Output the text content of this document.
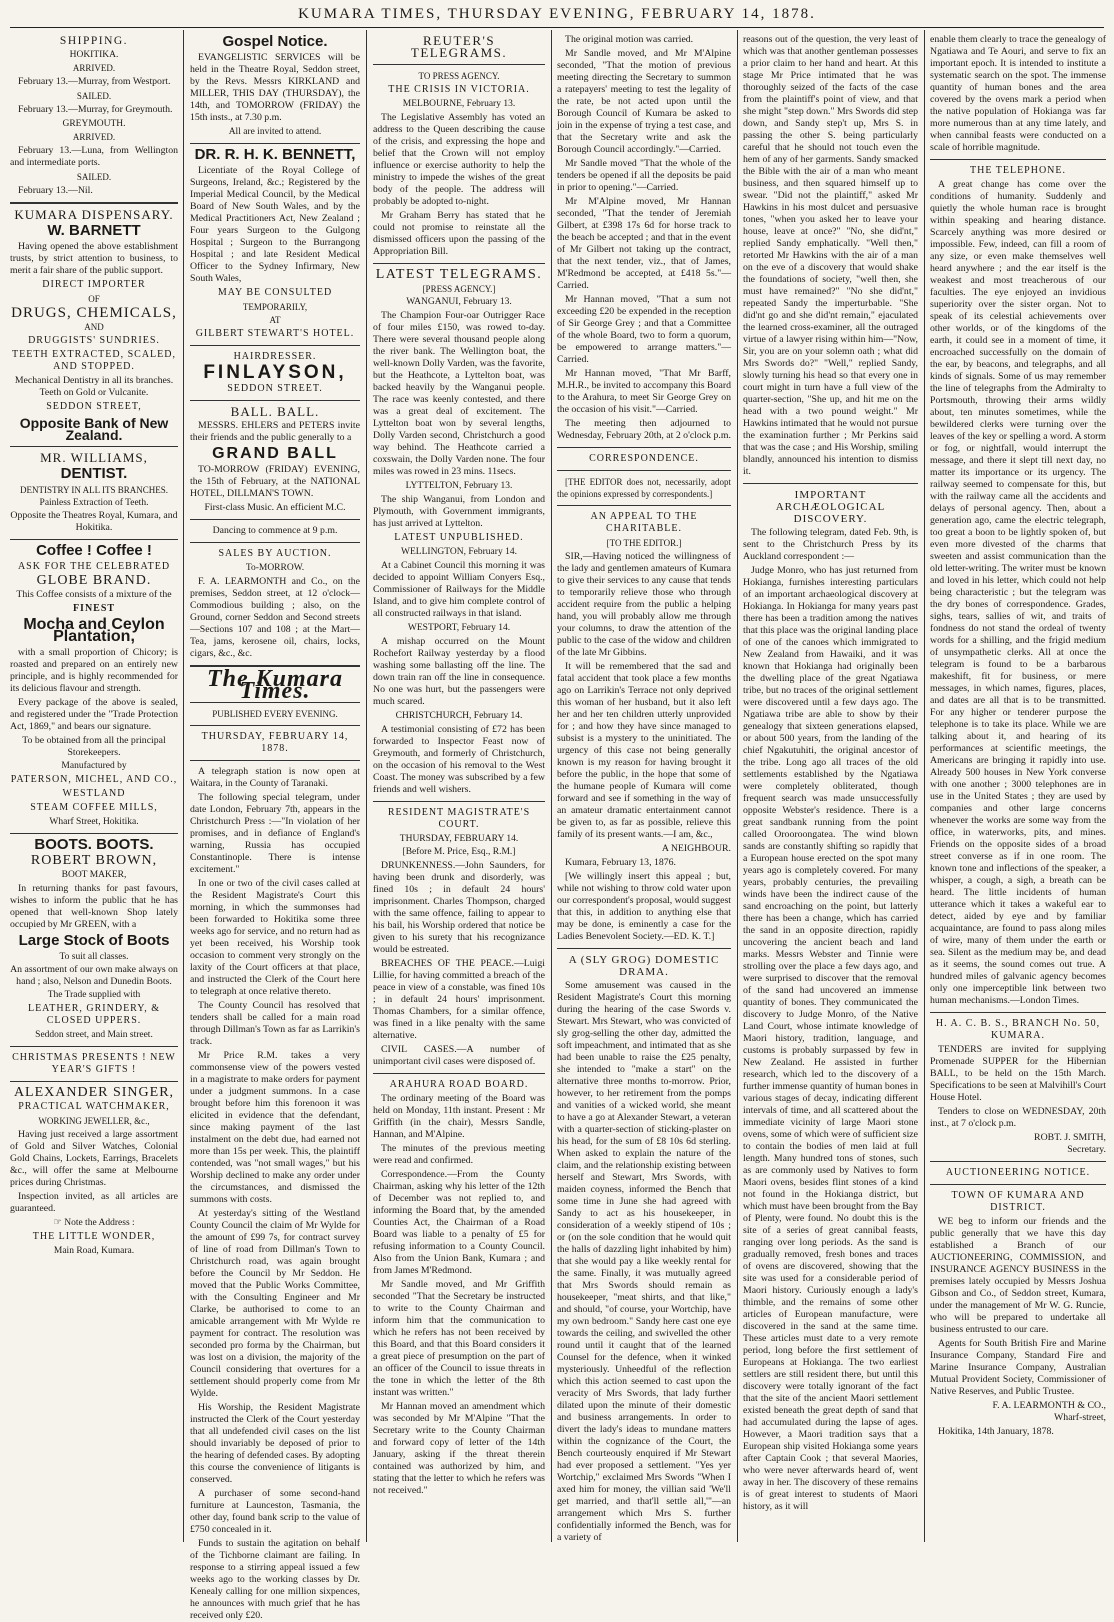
KUMARA TIMES, THURSDAY EVENING, FEBRUARY 14, 1878.
SHIPPING.
HOKITIKA.
ARRIVED.
February 13.—Murray, from Westport.
SAILED.
February 13.—Murray, for Greymouth.
GREYMOUTH.
ARRIVED.
February 13.—Luna, from Wellington and intermediate ports.
SAILED.
February 13.—Nil.
KUMARA DISPENSARY.
W. BARNETT
Having opened the above establishment trusts, by strict attention to business, to merit a fair share of the public support.
DIRECT IMPORTER
OF
DRUGS, CHEMICALS,
AND
DRUGGISTS' SUNDRIES.
TEETH EXTRACTED, SCALED, AND STOPPED.
Mechanical Dentistry in all its branches. Teeth on Gold or Vulcanite.
SEDDON STREET,
Opposite Bank of New Zealand.
MR. WILLIAMS,
DENTIST.
DENTISTRY IN ALL ITS BRANCHES.
Painless Extraction of Teeth.
Opposite the Theatres Royal, Kumara, and Hokitika.
Coffee ! Coffee !
ASK FOR THE CELEBRATED
GLOBE BRAND.
This Coffee consists of a mixture of the
FINEST
Mocha and Ceylon Plantation,
with a small proportion of Chicory; is roasted and prepared on an entirely new principle, and is highly recommended for its delicious flavour and strength.
Every package of the above is sealed, and registered under the "Trade Protection Act, 1869," and bears our signature.
To be obtained from all the principal Storekeepers.
Manufactured by
PATERSON, MICHEL, AND CO.,
WESTLAND
STEAM COFFEE MILLS,
Wharf Street, Hokitika.
BOOTS. BOOTS.
ROBERT BROWN,
BOOT MAKER,
In returning thanks for past favours, wishes to inform the public that he has opened that well-known Shop lately occupied by Mr GREEN, with a
Large Stock of Boots
To suit all classes.
An assortment of our own make always on hand ; also, Nelson and Dunedin Boots.
The Trade supplied with
LEATHER, GRINDERY, & CLOSED UPPERS.
Seddon street, and Main street.
CHRISTMAS PRESENTS ! NEW YEAR'S GIFTS !
ALEXANDER SINGER,
PRACTICAL WATCHMAKER,
WORKING JEWELLER, &c.,
Having just received a large assortment of Gold and Silver Watches, Colonial Gold Chains, Lockets, Earrings, Bracelets &c., will offer the same at Melbourne prices during Christmas.
Inspection invited, as all articles are guaranteed.
☞ Note the Address :
THE LITTLE WONDER,
Main Road, Kumara.
Gospel Notice.
EVANGELISTIC SERVICES will be held in the Theatre Royal, Seddon street, by the Revs. Messrs KIRKLAND and MILLER, THIS DAY (THURSDAY), the 14th, and TOMORROW (FRIDAY) the 15th insts., at 7.30 p.m.
All are invited to attend.
DR. R. H. K. BENNETT,
Licentiate of the Royal College of Surgeons, Ireland, &c.; Registered by the Imperial Medical Council, by the Medical Board of New South Wales, and by the Medical Practitioners Act, New Zealand ; Four years Surgeon to the Gulgong Hospital ; Surgeon to the Burrangong Hospital ; and late Resident Medical Officer to the Sydney Infirmary, New South Wales,
MAY BE CONSULTED
TEMPORARILY,
AT
GILBERT STEWART'S HOTEL.
HAIRDRESSER.
FINLAYSON,
SEDDON STREET.
BALL. BALL.
MESSRS. EHLERS and PETERS invite their friends and the public generally to a
GRAND BALL
TO-MORROW (FRIDAY) EVENING, the 15th of February, at the NATIONAL HOTEL, DILLMAN'S TOWN.
First-class Music. An efficient M.C.
Dancing to commence at 9 p.m.
SALES BY AUCTION.
To-MORROW.
F. A. LEARMONTH and Co., on the premises, Seddon street, at 12 o'clock—Commodious building ; also, on the Ground, corner Seddon and Second streets—Sections 107 and 108 ; at the Mart—Tea, jams, kerosene oil, chairs, locks, cigars, &c., &c.
The Kumara Times.
PUBLISHED EVERY EVENING.
THURSDAY, FEBRUARY 14, 1878.
A telegraph station is now open at Waitara, in the County of Taranaki.
The following special telegram, under date London, February 7th, appears in the Christchurch Press :—"In violation of her promises, and in defiance of England's warning, Russia has occupied Constantinople. There is intense excitement."
In one or two of the civil cases called at the Resident Magistrate's Court this morning, in which the summonses had been forwarded to Hokitika some three weeks ago for service, and no return had as yet been received, his Worship took occasion to comment very strongly on the laxity of the Court officers at that place, and instructed the Clerk of the Court here to telegraph at once relative thereto.
The County Council has resolved that tenders shall be called for a main road through Dillman's Town as far as Larrikin's track.
Mr Price R.M. takes a very commonsense view of the powers vested in a magistrate to make orders for payment under a judgment summons. In a case brought before him this forenoon it was elicited in evidence that the defendant, since making payment of the last instalment on the debt due, had earned not more than 15s per week. This, the plaintiff contended, was "not small wages," but his Worship declined to make any order under the circumstances, and dismissed the summons with costs.
At yesterday's sitting of the Westland County Council the claim of Mr Wylde for the amount of £99 7s, for contract survey of line of road from Dillman's Town to Christchurch road, was again brought before the Council by Mr Seddon. He moved that the Public Works Committee, with the Consulting Engineer and Mr Clarke, be authorised to come to an amicable arrangement with Mr Wylde re payment for contract. The resolution was seconded pro forma by the Chairman, but was lost on a division, the majority of the Council considering that overtures for a settlement should properly come from Mr Wylde.
His Worship, the Resident Magistrate instructed the Clerk of the Court yesterday that all undefended civil cases on the list should invariably be deposed of prior to the hearing of defended cases. By adopting this course the convenience of litigants is conserved.
A purchaser of some second-hand furniture at Launceston, Tasmania, the other day, found bank scrip to the value of £750 concealed in it.
Funds to sustain the agitation on behalf of the Tichborne claimant are failing. In response to a stirring appeal issued a few weeks ago to the working classes by Dr. Kenealy calling for one million sixpences, he announces with much grief that he has received only £20.
REUTER'S TELEGRAMS.
TO PRESS AGENCY.
THE CRISIS IN VICTORIA.
MELBOURNE, February 13.
The Legislative Assembly has voted an address to the Queen describing the cause of the crisis, and expressing the hope and belief that the Crown will not employ influence or exercise authority to help the ministry to impede the wishes of the great body of the people. The address will probably be adopted to-night.
Mr Graham Berry has stated that he could not promise to reinstate all the dismissed officers upon the passing of the Appropriation Bill.
LATEST TELEGRAMS.
[PRESS AGENCY.]
WANGANUI, February 13.
The Champion Four-oar Outrigger Race of four miles £150, was rowed to-day. There were several thousand people along the river bank. The Wellington boat, the well-known Dolly Varden, was the favorite, but the Heathcote, a Lyttelton boat, was backed heavily by the Wanganui people. The race was keenly contested, and there was a great deal of excitement. The Lyttelton boat won by several lengths, Dolly Varden second, Christchurch a good way behind. The Heathcote carried a coxswain, the Dolly Varden none. The four miles was rowed in 23 mins. 11secs.
LYTTELTON, February 13.
The ship Wanganui, from London and Plymouth, with Government immigrants, has just arrived at Lyttelton.
LATEST UNPUBLISHED.
WELLINGTON, February 14.
At a Cabinet Council this morning it was decided to appoint William Conyers Esq., Commissioner of Railways for the Middle Island, and to give him complete control of all constructed railways in that island.
WESTPORT, February 14.
A mishap occurred on the Mount Rochefort Railway yesterday by a flood washing some ballasting off the line. The down train ran off the line in consequence. No one was hurt, but the passengers were much scared.
CHRISTCHURCH, February 14.
A testimonial consisting of £72 has been forwarded to Inspector Feast now of Greymouth, and formerly of Christchurch, on the occasion of his removal to the West Coast. The money was subscribed by a few friends and well wishers.
RESIDENT MAGISTRATE'S COURT.
THURSDAY, FEBRUARY 14.
[Before M. Price, Esq., R.M.]
DRUNKENNESS.—John Saunders, for having been drunk and disorderly, was fined 10s ; in default 24 hours' imprisonment. Charles Thompson, charged with the same offence, failing to appear to his bail, his Worship ordered that notice be given to his surety that his recognizance would be estreated.
BREACHES OF THE PEACE.—Luigi Lillie, for having committed a breach of the peace in view of a constable, was fined 10s ; in default 24 hours' imprisonment. Thomas Chambers, for a similar offence, was fined in a like penalty with the same alternative.
CIVIL CASES.—A number of unimportant civil cases were disposed of.
ARAHURA ROAD BOARD.
The ordinary meeting of the Board was held on Monday, 11th instant. Present : Mr Griffith (in the chair), Messrs Sandle, Hannan, and M'Alpine.
The minutes of the previous meeting were read and confirmed.
Correspondence.—From the County Chairman, asking why his letter of the 12th of December was not replied to, and informing the Board that, by the amended Counties Act, the Chairman of a Road Board was liable to a penalty of £5 for refusing information to a County Council. Also from the Union Bank, Kumara ; and from James M'Redmond.
Mr Sandle moved, and Mr Griffith seconded "That the Secretary be instructed to write to the County Chairman and inform him that the communication to which he refers has not been received by this Board, and that this Board considers it a great piece of presumption on the part of an officer of the Council to issue threats in the tone in which the letter of the 8th instant was written."
Mr Hannan moved an amendment which was seconded by Mr M'Alpine "That the Secretary write to the County Chairman and forward copy of letter of the 14th January, asking if the threat therein contained was authorized by him, and stating that the letter to which he refers was not received."
The original motion was carried.
Mr Sandle moved, and Mr M'Alpine seconded, "That the motion of previous meeting directing the Secretary to summon a ratepayers' meeting to test the legality of the rate, be not acted upon until the Borough Council of Kumara be asked to join in the expense of trying a test case, and that the Secretary write and ask the Borough Council accordingly."—Carried.
Mr Sandle moved "That the whole of the tenders be opened if all the deposits be paid in prior to opening."—Carried.
Mr M'Alpine moved, Mr Hannan seconded, "That the tender of Jeremiah Gilbert, at £398 17s 6d for horse track to the beach be accepted ; and that in the event of Mr Gilbert not taking up the contract, that the next tender, viz., that of James, M'Redmond be accepted, at £418 5s."—Carried.
Mr Hannan moved, "That a sum not exceeding £20 be expended in the reception of Sir George Grey ; and that a Committee of the whole Board, two to form a quorum, be empowered to arrange matters."—Carried.
Mr Hannan moved, "That Mr Barff, M.H.R., be invited to accompany this Board to the Arahura, to meet Sir George Grey on the occasion of his visit."—Carried.
The meeting then adjourned to Wednesday, February 20th, at 2 o'clock p.m.
CORRESPONDENCE.
[THE EDITOR does not, necessarily, adopt the opinions expressed by correspondents.]
AN APPEAL TO THE CHARITABLE.
[TO THE EDITOR.]
SIR,—Having noticed the willingness of the lady and gentlemen amateurs of Kumara to give their services to any cause that tends to temporarily relieve those who through accident require from the public a helping hand, you will probably allow me through your columns, to draw the attention of the public to the case of the widow and children of the late Mr Gibbins.
It will be remembered that the sad and fatal accident that took place a few months ago on Larrikin's Terrace not only deprived this woman of her husband, but it also left her and her ten children utterly unprovided for ; and how they have since managed to subsist is a mystery to the uninitiated. The urgency of this case not being generally known is my reason for having brought it before the public, in the hope that some of the humane people of Kumara will come forward and see if something in the way of an amateur dramatic entertainment cannot be given to, as far as possible, relieve this family of its present wants.—I am, &c.,
A NEIGHBOUR.
Kumara, February 13, 1876.
[We willingly insert this appeal ; but, while not wishing to throw cold water upon our correspondent's proposal, would suggest that this, in addition to anything else that may be done, is eminently a case for the Ladies Benevolent Society.—ED. K. T.]
A (SLY GROG) DOMESTIC DRAMA.
Some amusement was caused in the Resident Magistrate's Court this morning during the hearing of the case Swords v. Stewart. Mrs Stewart, who was convicted of sly grog-selling the other day, admitted the soft impeachment, and intimated that as she had been unable to raise the £25 penalty, she intended to "make a start" on the alternative three months to-morrow. Prior, however, to her retirement from the pomps and vanities of a wicked world, she meant to have a go at Alexander Stewart, a veteran with a quarter-section of sticking-plaster on his head, for the sum of £8 10s 6d sterling. When asked to explain the nature of the claim, and the relationship existing between herself and Stewart, Mrs Swords, with maiden coyness, informed the Bench that some time in June she had agreed with Sandy to act as his housekeeper, in consideration of a weekly stipend of 10s ; or (on the sole condition that he would quit the halls of dazzling light inhabited by him) that she would pay a like weekly rental for the same. Finally, it was mutually agreed that Mrs Swords should remain as housekeeper, "meat shirts, and that like," and should, "of course, your Wortchip, have my own bedroom." Sandy here cast one eye towards the ceiling, and swivelled the other round until it caught that of the learned Counsel for the defence, when it winked mysteriously. Unheedful of the reflection which this action seemed to cast upon the veracity of Mrs Swords, that lady further dilated upon the minute of their domestic and business arrangements. In order to divert the lady's ideas to mundane matters within the cognizance of the Court, the Bench courteously enquired if Mr Stewart had ever proposed a settlement. "Yes yer Wortchip," exclaimed Mrs Swords "When I axed him for money, the villian said 'We'll get married, and that'll settle all,'"—an arrangement which Mrs S. further confidentially informed the Bench, was for a variety of
reasons out of the question, the very least of which was that another gentleman possesses a prior claim to her hand and heart. At this stage Mr Price intimated that he was thoroughly seized of the facts of the case from the plaintiff's point of view, and that she might "step down." Mrs Swords did step down, and Sandy step't up, Mrs S. in passing the other S. being particularly careful that he should not touch even the hem of any of her garments. Sandy smacked the Bible with the air of a man who meant business, and then squared himself up to swear. "Did not the plaintiff," asked Mr Hawkins in his most dulcet and persuasive tones, "when you asked her to leave your house, leave at once?" "No, she did'nt," replied Sandy emphatically. "Well then," retorted Mr Hawkins with the air of a man on the eve of a discovery that would shake the foundations of society, "well then, she must have remained?" "No she did'nt," repeated Sandy the imperturbable. "She did'nt go and she did'nt remain," ejaculated the learned cross-examiner, all the outraged virtue of a lawyer rising within him—"Now, Sir, you are on your solemn oath ; what did Mrs Swords do?" "Well," replied Sandy, slowly turning his head so that every one in court might in turn have a full view of the quarter-section, "She up, and hit me on the head with a two pound weight." Mr Hawkins intimated that he would not pursue the examination further ; Mr Perkins said that was the case ; and His Worship, smiling blandly, announced his intention to dismiss it.
IMPORTANT ARCHÆOLOGICAL DISCOVERY.
The following telegram, dated Feb. 9th, is sent to the Christchurch Press by its Auckland correspondent :—
Judge Monro, who has just returned from Hokianga, furnishes interesting particulars of an important archaeological discovery at Hokianga. In Hokianga for many years past there has been a tradition among the natives that this place was the original landing place of one of the canoes which immigrated to New Zealand from Hawaiki, and it was known that Hokianga had originally been the dwelling place of the great Ngatiawa tribe, but no traces of the original settlement were discovered until a few days ago. The Ngatiawa tribe are able to show by their genealogy that sixteen generations elapsed, or about 500 years, from the landing of the chief Ngakutuhiti, the original ancestor of the tribe. Long ago all traces of the old settlements established by the Ngatiawa were completely obliterated, though frequent search was made unsuccessfully opposite Webster's residence. There is a great sandbank running from the point called Orooroongatea. The wind blown sands are constantly shifting so rapidly that a European house erected on the spot many years ago is completely covered. For many years, probably centuries, the prevailing winds have been the indirect cause of the sand encroaching on the point, but latterly there has been a change, which has carried the sand in an opposite direction, rapidly uncovering the ancient beach and land marks. Messrs Webster and Tinnie were strolling over the place a few days ago, and were surprised to discover that the removal of the sand had uncovered an immense quantity of bones. They communicated the discovery to Judge Monro, of the Native Land Court, whose intimate knowledge of Maori history, tradition, language, and customs is probably surpassed by few in New Zealand. He assisted in further research, which led to the discovery of a further immense quantity of human bones in various stages of decay, indicating different intervals of time, and all scattered about the immediate vicinity of large Maori stone ovens, some of which were of sufficient size to contain the bodies of men laid at full length. Many hundred tons of stones, such as are commonly used by Natives to form Maori ovens, besides flint stones of a kind not found in the Hokianga district, but which must have been brought from the Bay of Plenty, were found. No doubt this is the site of a series of great cannibal feasts, ranging over long periods. As the sand is gradually removed, fresh bones and traces of ovens are discovered, showing that the site was used for a considerable period of Maori history. Curiously enough a lady's thimble, and the remains of some other articles of European manufacture, were discovered in the sand at the same time. These articles must date to a very remote period, long before the first settlement of Europeans at Hokianga. The two earliest settlers are still resident there, but until this discovery were totally ignorant of the fact that the site of the ancient Maori settlement existed beneath the great depth of sand that had accumulated during the lapse of ages. However, a Maori tradition says that a European ship visited Hokianga some years after Captain Cook ; that several Maories, who were never afterwards heard of, went away in her. The discovery of these remains is of great interest to students of Maori history, as it will
enable them clearly to trace the genealogy of Ngatiawa and Te Aouri, and serve to fix an important epoch. It is intended to institute a systematic search on the spot. The immense quantity of human bones and the area covered by the ovens mark a period when the native population of Hokianga was far more numerous than at any time lately, and when cannibal feasts were conducted on a scale of horrible magnitude.
THE TELEPHONE.
A great change has come over the conditions of humanity. Suddenly and quietly the whole human race is brought within speaking and hearing distance. Scarcely anything was more desired or impossible. Few, indeed, can fill a room of any size, or even make themselves well heard anywhere ; and the ear itself is the weakest and most treacherous of our faculties. The eye enjoyed an invidious superiority over the sister organ. Not to speak of its celestial achievements over other worlds, or of the kingdoms of the earth, it could see in a moment of time, it encroached successfully on the domain of the ear, by beacons, and telegraphs, and all kinds of signals. Some of us may remember the line of telegraphs from the Admiralty to Portsmouth, throwing their arms wildly about, ten minutes sometimes, while the bewildered clerks were turning over the leaves of the key or spelling a word. A storm or fog, or nightfall, would interrupt the message, and there it slept till next day, no matter its importance or its urgency. The railway seemed to compensate for this, but with the railway came all the accidents and delays of personal agency. Then, about a generation ago, came the electric telegraph, too great a boon to be lightly spoken of, but even more divested of the charms that sweeten and assist communication than the old letter-writing. The writer must be known and loved in his letter, which could not help being characteristic ; but the telegram was the dry bones of correspondence. Grades, sighs, tears, sallies of wit, and traits of fondness do not stand the ordeal of twenty words for a shilling, and the frigid medium of unsympathetic clerks. All at once the telegram is found to be a barbarous makeshift, fit for business, or mere messages, in which names, figures, places, and dates are all that is to be transmitted. For any higher or tenderer purpose the telephone is to take its place. While we are talking about it, and hearing of its performances at scientific meetings, the Americans are bringing it rapidly into use. Already 500 houses in New York converse with one another ; 3000 telephones are in use in the United States ; they are used by companies and other large concerns whenever the works are some way from the office, in waterworks, pits, and mines. Friends on the opposite sides of a broad street converse as if in one room. The known tone and inflections of the speaker, a whisper, a cough, a sigh, a breath can be heard. The little incidents of human utterance which it takes a wakeful ear to detect, aided by eye and by familiar acquaintance, are found to pass along miles of wire, many of them under the earth or sea. Silent as the medium may be, and dead as it seems, the sound comes out true. A hundred miles of galvanic agency becomes only one imperceptible link between two human mechanisms.—London Times.
H. A. C. B. S., BRANCH No. 50, KUMARA.
TENDERS are invited for supplying Promenade SUPPER for the Hibernian BALL, to be held on the 15th March. Specifications to be seen at Malvihill's Court House Hotel.
Tenders to close on WEDNESDAY, 20th inst., at 7 o'clock p.m.
ROBT. J. SMITH,
Secretary.
AUCTIONEERING NOTICE.
TOWN OF KUMARA AND DISTRICT.
WE beg to inform our friends and the public generally that we have this day established a Branch of our AUCTIONEERING, COMMISSION, and INSURANCE AGENCY BUSINESS in the premises lately occupied by Messrs Joshua Gibson and Co., of Seddon street, Kumara, under the management of Mr W. G. Runcie, who will be prepared to undertake all business entrusted to our care.
Agents for South British Fire and Marine Insurance Company, Standard Fire and Marine Insurance Company, Australian Mutual Provident Society, Commissioner of Native Reserves, and Public Trustee.
F. A. LEARMONTH & CO.,
Wharf-street,
Hokitika, 14th January, 1878.
